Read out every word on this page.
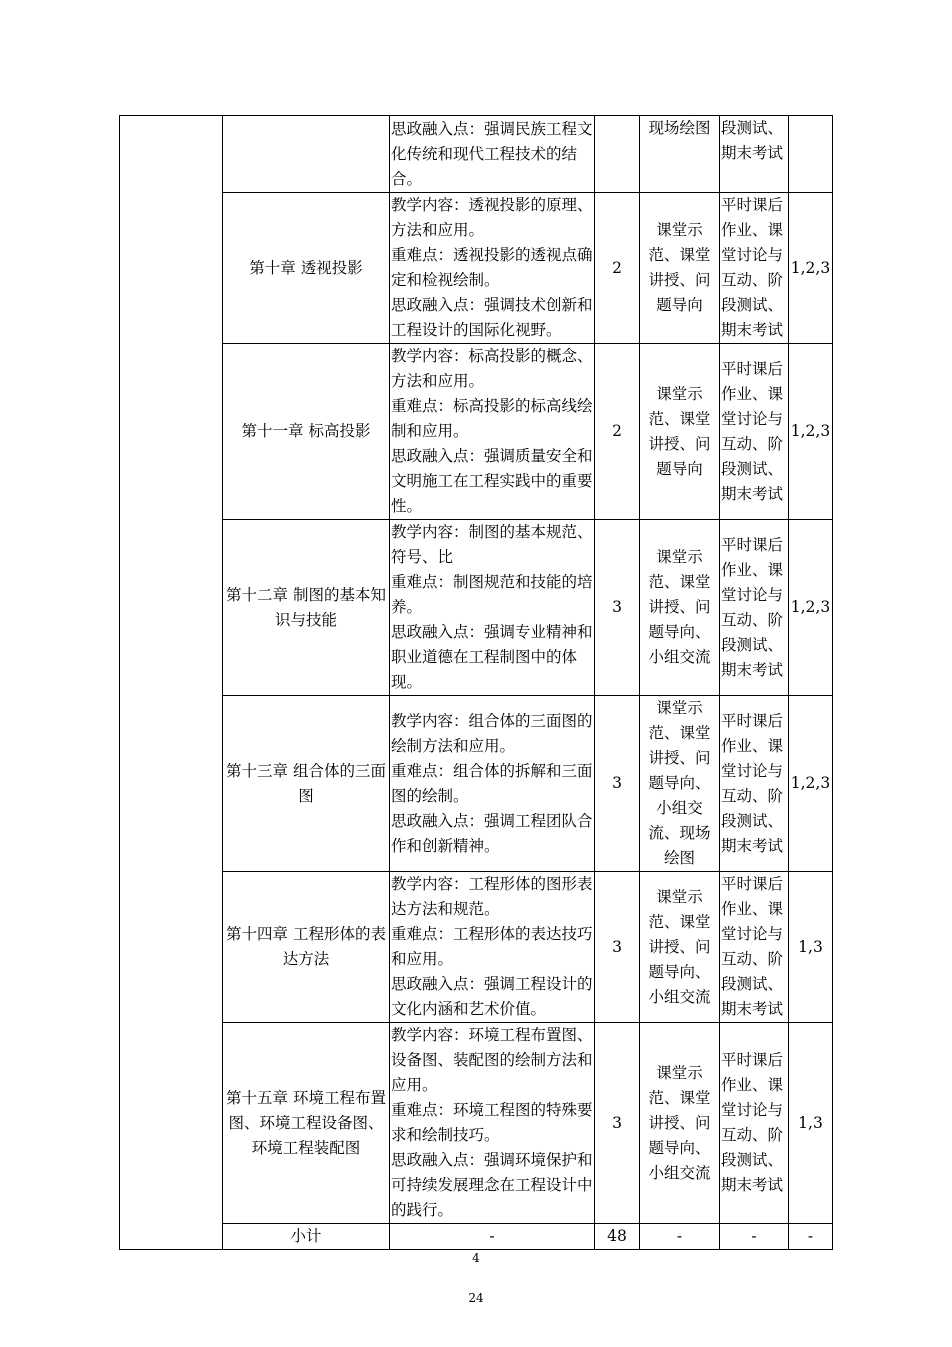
		思政融入点：强调民族工程文化传统和现代工程技术的结合。		现场绘图	段测试、期末考试	
	第十章 透视投影	教学内容：透视投影的原理、方法和应用。
重难点：透视投影的透视点确定和检视绘制。
思政融入点：强调技术创新和工程设计的国际化视野。	2	课堂示范、课堂讲授、问题导向	平时课后作业、课堂讨论与互动、阶段测试、期末考试	1,2,3
	第十一章 标高投影	教学内容：标高投影的概念、方法和应用。
重难点：标高投影的标高线绘制和应用。
思政融入点：强调质量安全和文明施工在工程实践中的重要性。	2	课堂示范、课堂讲授、问题导向	平时课后作业、课堂讨论与互动、阶段测试、期末考试	1,2,3
	第十二章 制图的基本知识与技能	教学内容：制图的基本规范、符号、比
重难点：制图规范和技能的培养。
思政融入点：强调专业精神和职业道德在工程制图中的体现。	3	课堂示范、课堂讲授、问题导向、小组交流	平时课后作业、课堂讨论与互动、阶段测试、期末考试	1,2,3
	第十三章 组合体的三面图	教学内容：组合体的三面图的绘制方法和应用。
重难点：组合体的拆解和三面图的绘制。
思政融入点：强调工程团队合作和创新精神。	3	课堂示范、课堂讲授、问题导向、小组交流、现场绘图	平时课后作业、课堂讨论与互动、阶段测试、期末考试	1,2,3
	第十四章 工程形体的表达方法	教学内容：工程形体的图形表达方法和规范。
重难点：工程形体的表达技巧和应用。
思政融入点：强调工程设计的文化内涵和艺术价值。	3	课堂示范、课堂讲授、问题导向、小组交流	平时课后作业、课堂讨论与互动、阶段测试、期末考试	1,3
	第十五章 环境工程布置图、环境工程设备图、环境工程装配图	教学内容：环境工程布置图、设备图、装配图的绘制方法和应用。
重难点：环境工程图的特殊要求和绘制技巧。
思政融入点：强调环境保护和可持续发展理念在工程设计中的践行。	3	课堂示范、课堂讲授、问题导向、小组交流	平时课后作业、课堂讨论与互动、阶段测试、期末考试	1,3
	小计	-	48	-	-	-
4
24
